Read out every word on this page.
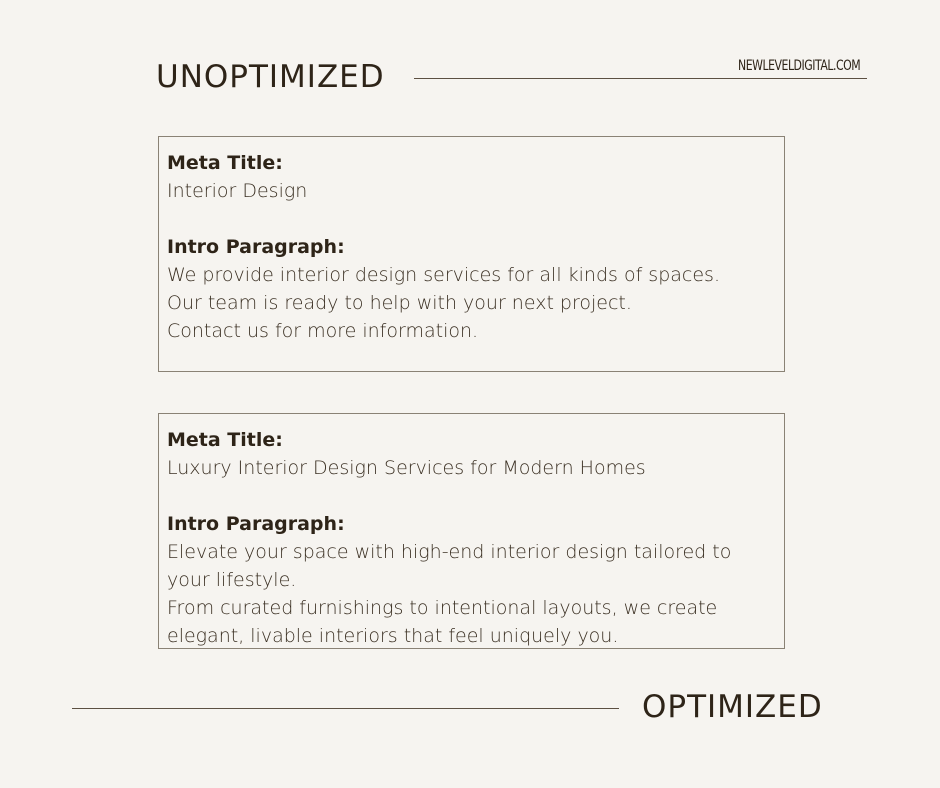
UNOPTIMIZED	NEWLEVELDIGITAL.COM
Meta Title:
Interior Design
Intro Paragraph:
We provide interior design services for all kinds of spaces.
Our team is ready to help with your next project.
Contact us for more information.
Meta Title:
Luxury Interior Design Services for Modern Homes
Intro Paragraph:
Elevate your space with high-end interior design tailored to
your lifestyle.
From curated furnishings to intentional layouts, we create
elegant, livable interiors that feel uniquely you.
OPTIMIZED
